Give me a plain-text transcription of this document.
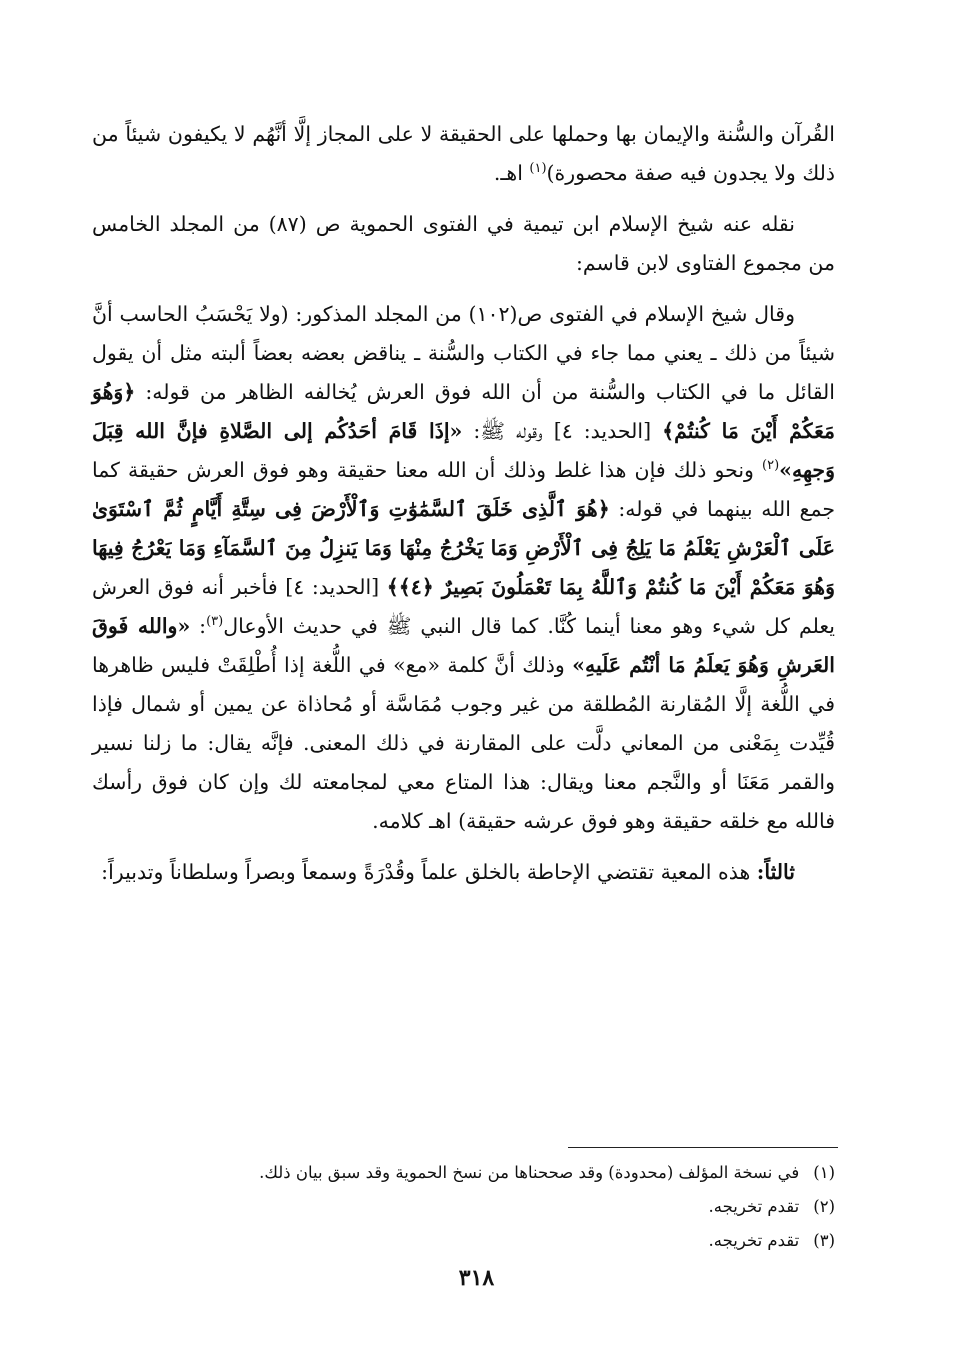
القُرآن والسُّنة والإيمان بها وحملها على الحقيقة لا على المجاز إلَّا أنَّهُم لا يكيفون شيئاً من ذلك ولا يجدون فيه صفة محصورة)$^{(١)}$ اهـ.

نقله عنه شيخ الإسلام ابن تيمية في الفتوى الحموية ص (٨٧) من المجلد الخامس من مجموع الفتاوى لابن قاسم:

وقال شيخ الإسلام في الفتوى ص(١٠٢) من المجلد المذكور: (ولا يَحْسَبُ الحاسب أنَّ شيئاً من ذلك ـ يعني مما جاء في الكتاب والسُّنة ـ يناقض بعضه بعضاً ألبته مثل أن يقول القائل ما في الكتاب والسُّنة من أن الله فوق العرش يُخالفه الظاهر من قوله: ﴿وَهُوَ مَعَكُمْ أَيْنَ مَا كُنتُمْ﴾ [الحديد: ٤] وقوله ﷺ: «إذَا قَامَ أحَدُكُم إلى الصَّلاةِ فإنَّ الله قِبَلَ وَجهِهِ»$^{(٢)}$ ونحو ذلك فإن هذا غلط وذلك أن الله معنا حقيقة وهو فوق العرش حقيقة كما جمع الله بينهما في قوله: ﴿هُوَ ٱلَّذِى خَلَقَ ٱلسَّمَٰوَٰتِ وَٱلْأَرْضَ فِى سِتَّةِ أَيَّامٍ ثُمَّ ٱسْتَوَىٰ عَلَى ٱلْعَرْشِ يَعْلَمُ مَا يَلِجُ فِى ٱلْأَرْضِ وَمَا يَخْرُجُ مِنْهَا وَمَا يَنزِلُ مِنَ ٱلسَّمَآءِ وَمَا يَعْرُجُ فِيهَا وَهُوَ مَعَكُمْ أَيْنَ مَا كُنتُمْ وَٱللَّهُ بِمَا تَعْمَلُونَ بَصِيرٌ ﴿٤﴾﴾ [الحديد: ٤] فأخبر أنه فوق العرش يعلم كل شيء وهو معنا أينما كُنَّا. كما قال النبي ﷺ في حديث الأوعال$^{(٣)}$: «والله فَوقَ العَرشِ وَهُوَ يَعلَمُ مَا أنْتُم عَلَيهِ» وذلك أنَّ كلمة «مع» في اللُّغة إذا أُطْلِقَتْ فليس ظاهرها في اللُّغة إلَّا المُقارنة المُطلقة من غير وجوب مُمَاسَّة أو مُحاذاة عن يمين أو شمال فإذا قُيِّدت بِمَعْنى من المعاني دلَّت على المقارنة في ذلك المعنى. فإنَّه يقال: ما زلنا نسير والقمر مَعَنَا أو والنَّجم معنا ويقال: هذا المتاع معي لمجامعته لك وإن كان فوق رأسك فالله مع خلقه حقيقة وهو فوق عرشه حقيقة) اهـ كلامه.

ثالثاً: هذه المعية تقتضي الإحاطة بالخلق علماً وقُدْرَةً وسمعاً وبصراً وسلطاناً وتدبيراً:

(١)في نسخة المؤلف (محدودة) وقد صححناها من نسخ الحموية وقد سبق بيان ذلك.
(٢)تقدم تخريجه.
(٣)تقدم تخريجه.
٣١٨
